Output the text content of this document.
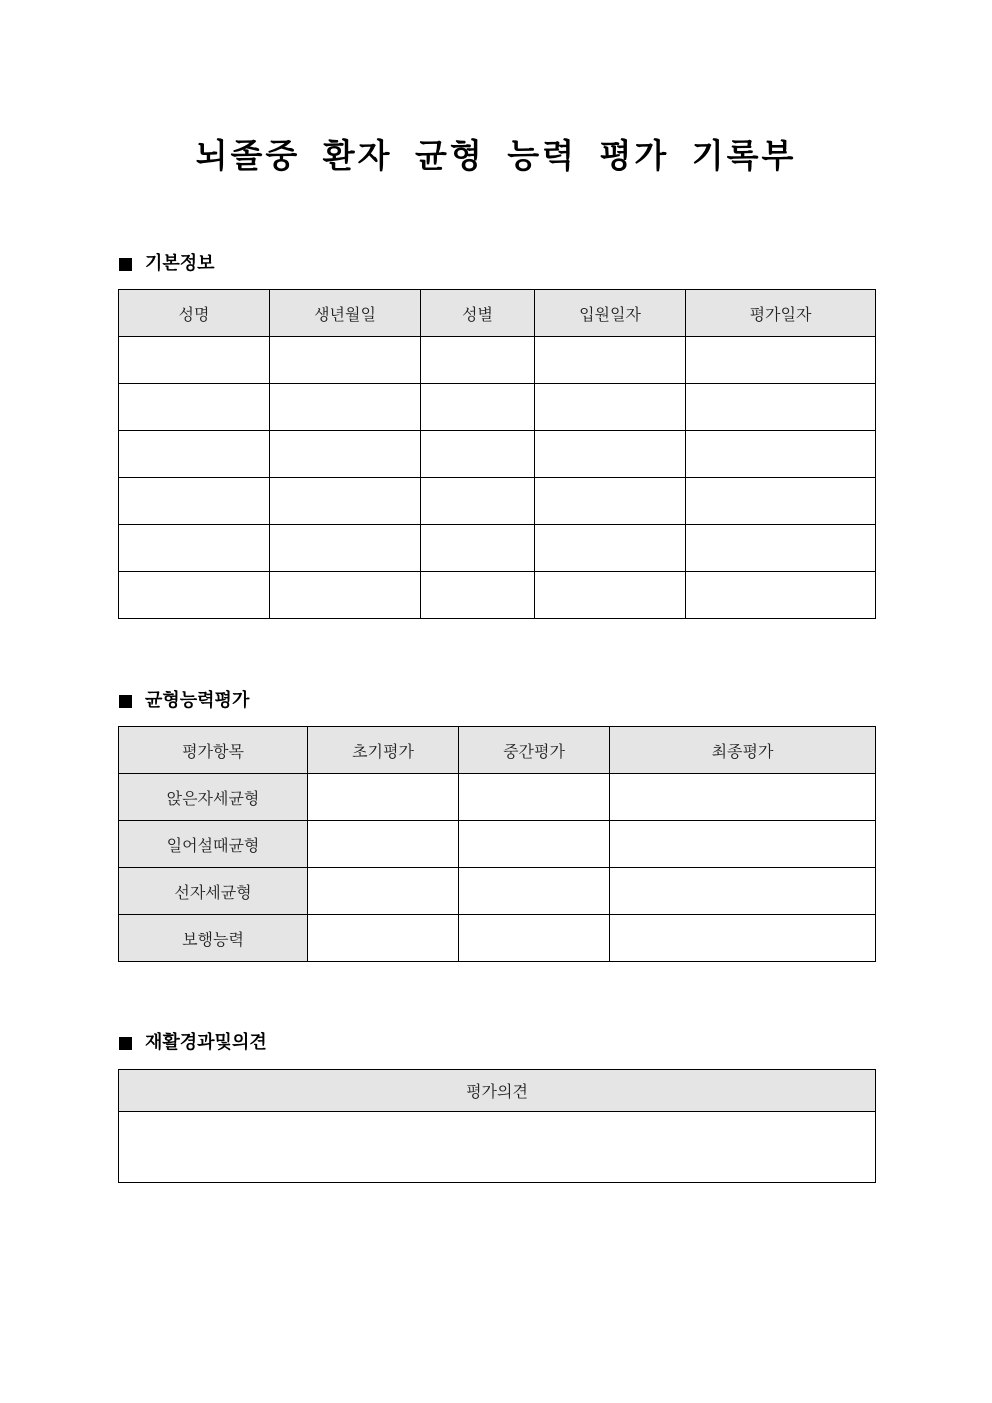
뇌졸중 환자 균형 능력 평가 기록부
기본정보
성명	생년월일	성별	입원일자	평가일자

균형능력평가
평가항목	초기평가	중간평가	최종평가
앉은자세균형			
일어설때균형			
선자세균형			
보행능력			
재활경과및의견
평가의견
